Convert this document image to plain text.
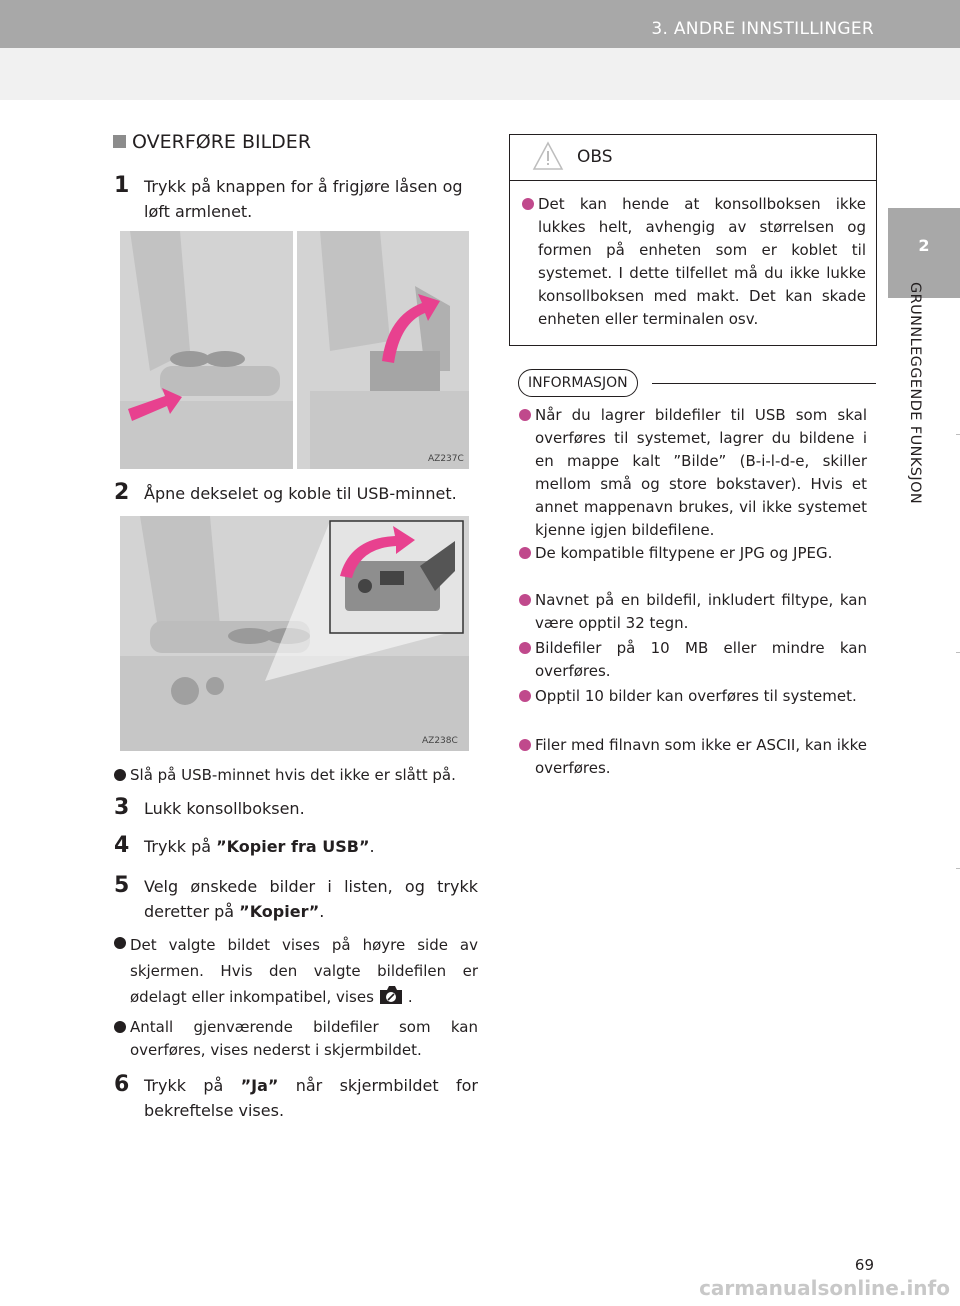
3. ANDRE INNSTILLINGER
2
GRUNNLEGGENDE FUNKSJON
OVERFØRE BILDER
1 Trykk på knappen for å frigjøre låsen og løft armlenet.
AZ237C
2 Åpne dekselet og koble til USB-minnet.
AZ238C
Slå på USB-minnet hvis det ikke er slått på.
3 Lukk konsollboksen.
4 Trykk på ”Kopier fra USB”.
5 Velg ønskede bilder i listen, og trykk deretter på ”Kopier”.
Det valgte bildet vises på høyre side av skjermen. Hvis den valgte bildefilen er ødelagt eller inkompatibel, vises .
Antall gjenværende bildefiler som kan overføres, vises nederst i skjermbildet.
6 Trykk på ”Ja” når skjermbildet for bekreftelse vises.
OBS
Det kan hende at konsollboksen ikke lukkes helt, avhengig av størrelsen og formen på enheten som er koblet til systemet. I dette tilfellet må du ikke lukke konsollboksen med makt. Det kan skade enheten eller terminalen osv.
INFORMASJON
Når du lagrer bildefiler til USB som skal overføres til systemet, lagrer du bildene i en mappe kalt ”Bilde” (B-i-l-d-e, skiller mellom små og store bokstaver). Hvis et annet mappenavn brukes, vil ikke systemet kjenne igjen bildefilene.
De kompatible filtypene er JPG og JPEG.
Navnet på en bildefil, inkludert filtype, kan være opptil 32 tegn.
Bildefiler på 10 MB eller mindre kan overføres.
Opptil 10 bilder kan overføres til systemet.
Filer med filnavn som ikke er ASCII, kan ikke overføres.
69
carmanualsonline.info
